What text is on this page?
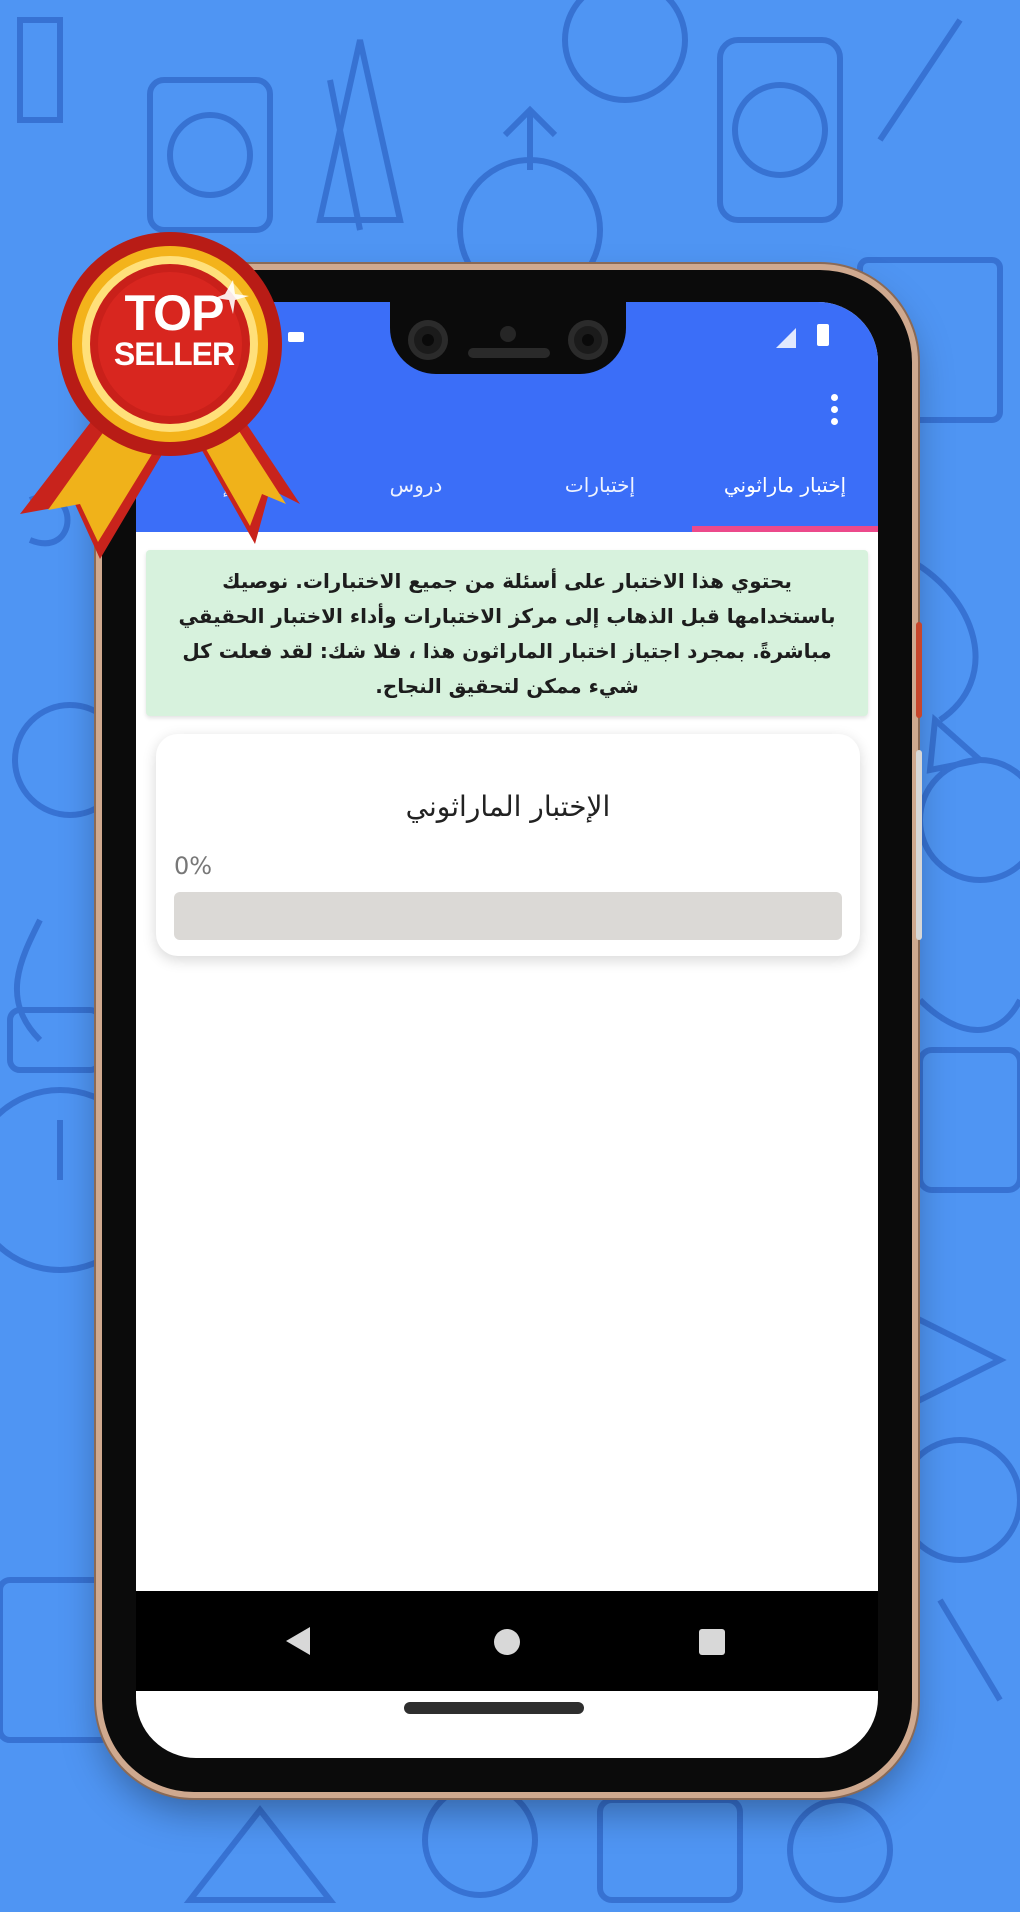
إختبار ماراثوني
إختبارات
دروس

يحتوي هذا الاختبار على أسئلة من جميع الاختبارات. نوصيك باستخدامها قبل الذهاب إلى مركز الاختبارات وأداء الاختبار الحقيقي مباشرةً. بمجرد اجتياز اختبار الماراثون هذا ، فلا شك: لقد فعلت كل شيء ممكن لتحقيق النجاح.

الإختبار الماراثوني
0%
TOP
SELLER
